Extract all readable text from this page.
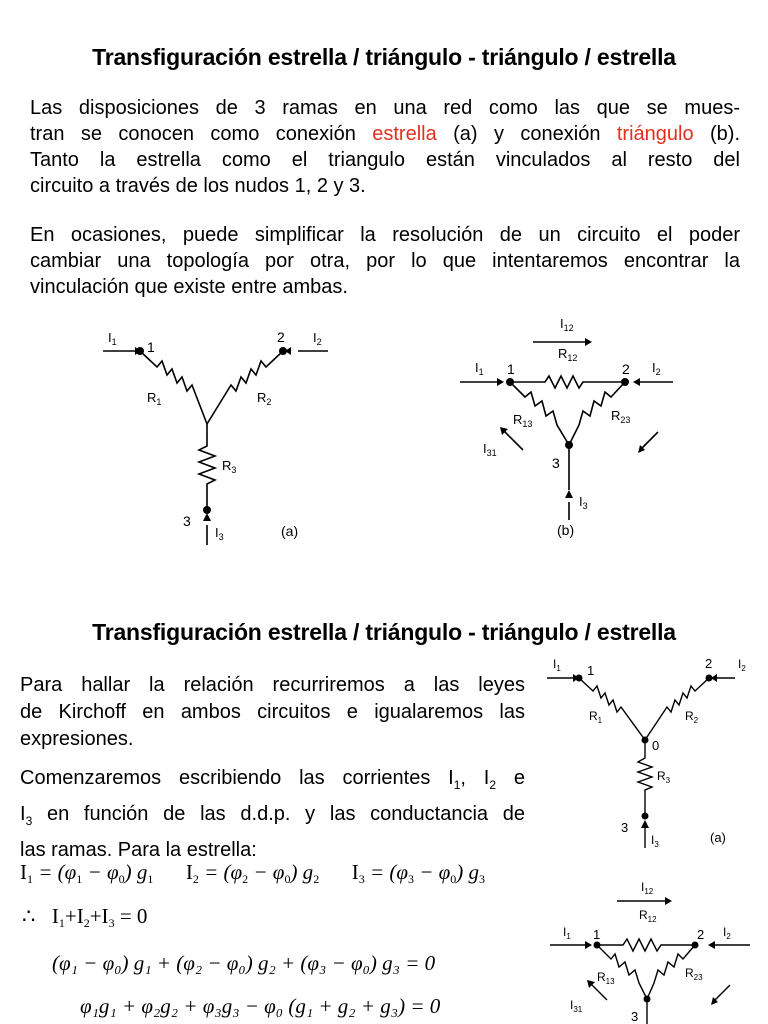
Transfiguración estrella / triángulo - triángulo / estrella
Las disposiciones de 3 ramas en una red como las que se mues-
tran se conocen como conexión estrella (a) y conexión triángulo (b).
Tanto la estrella como el triangulo están vinculados al resto del
circuito a través de los nudos 1, 2 y 3.
En ocasiones, puede simplificar la resolución de un circuito el poder
cambiar una topología por otra, por lo que intentaremos encontrar la
vinculación que existe entre ambas.
$I_1$ 1
2 $I_2$
$R_1$	$R_2$
$R_3$
3
$I_3$	(a)
$I_{12}$
$R_{12}$
$I_1$ 1	2 $I_2$
$R_{13}$
$R_{23}$
$I_{31}$
3
$I_3$
(b)
Transfiguración estrella / triángulo - triángulo / estrella
Para hallar la relación recurriremos a las leyes
de Kirchoff en ambos circuitos e igualaremos las
expresiones.
Comenzaremos escribiendo las corrientes $I_1$, $I_2$ e
$I_3$ en función de las d.d.p. y las conductancia de
las ramas. Para la estrella:
$I_1 = (\varphi_1 - \varphi_0)$ $g_1$ $I_2 = (\varphi_2 - \varphi_0)$ $g_2$ $I_3 = (\varphi_3 - \varphi_0)$ $g_3$
∴ $I_1+I_2+I_3 = 0$
(φ₁ − φ₀) g₁ + (φ₂ − φ₀) g₂ + (φ₃ − φ₀) g₃ = 0
φ₁g₁ + φ₂g₂ + φ₃g₃ − φ₀ (g₁ + g₂ + g₃) = 0
$I_1$ 1	2 $I_2$
$R_1$
0
$R_2$
$R_3$
3
$I_3$	(a)
$I_{12}$
$R_{12}$
$I_1$ 1	2 $I_2$
$R_{13}$
$R_{23}$
$I_{31}$	3
